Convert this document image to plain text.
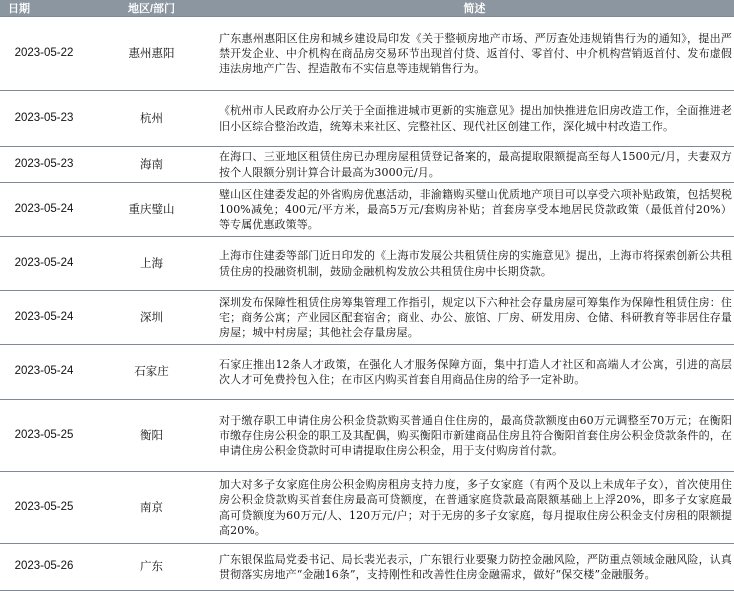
日期	地区/部门	简述
2023-05-22	惠州惠阳	广东惠州惠阳区住房和城乡建设局印发《关于整顿房地产市场、严厉查处违规销售行为的通知》，提出严禁开发企业、中介机构在商品房交易环节出现首付贷、返首付、零首付、中介机构营销返首付、发布虚假违法房地产广告、捏造散布不实信息等违规销售行为。
2023-05-23	杭州	《杭州市人民政府办公厅关于全面推进城市更新的实施意见》提出加快推进危旧房改造工作，全面推进老旧小区综合整治改造，统筹未来社区、完整社区、现代社区创建工作，深化城中村改造工作。
2023-05-23	海南	在海口、三亚地区租赁住房已办理房屋租赁登记备案的，最高提取限额提高至每人1500元/月，夫妻双方按个人限额分别计算合计最高为3000元/月。
2023-05-24	重庆璧山	璧山区住建委发起的外省购房优惠活动，非渝籍购买璧山优质地产项目可以享受六项补贴政策，包括契税100%减免；400元/平方米，最高5万元/套购房补贴；首套房享受本地居民贷款政策（最低首付20%）等专属优惠政策等。
2023-05-24	上海	上海市住建委等部门近日印发的《上海市发展公共租赁住房的实施意见》提出，上海市将探索创新公共租赁住房的投融资机制，鼓励金融机构发放公共租赁住房中长期贷款。
2023-05-24	深圳	深圳发布保障性租赁住房筹集管理工作指引，规定以下六种社会存量房屋可筹集作为保障性租赁住房：住宅；商务公寓；产业园区配套宿舍；商业、办公、旅馆、厂房、研发用房、仓储、科研教育等非居住存量房屋；城中村房屋；其他社会存量房屋。
2023-05-24	石家庄	石家庄推出12条人才政策，在强化人才服务保障方面，集中打造人才社区和高端人才公寓，引进的高层次人才可免费拎包入住；在市区内购买首套自用商品住房的给予一定补助。
2023-05-25	衡阳	对于缴存职工申请住房公积金贷款购买普通自住住房的，最高贷款额度由60万元调整至70万元；在衡阳市缴存住房公积金的职工及其配偶，购买衡阳市新建商品住房且符合衡阳首套住房公积金贷款条件的，在申请住房公积金贷款时可申请提取住房公积金，用于支付购房首付款。
2023-05-25	南京	加大对多子女家庭住房公积金购房租房支持力度，多子女家庭（有两个及以上未成年子女），首次使用住房公积金贷款购买首套住房最高可贷额度，在普通家庭贷款最高限额基础上上浮20%，即多子女家庭最高可贷额度为60万元/人、120万元/户；对于无房的多子女家庭，每月提取住房公积金支付房租的限额提高20%。
2023-05-26	广东	广东银保监局党委书记、局长裴光表示，广东银行业要聚力防控金融风险，严防重点领域金融风险，认真贯彻落实房地产“金融16条”，支持刚性和改善性住房金融需求，做好“保交楼”金融服务。
